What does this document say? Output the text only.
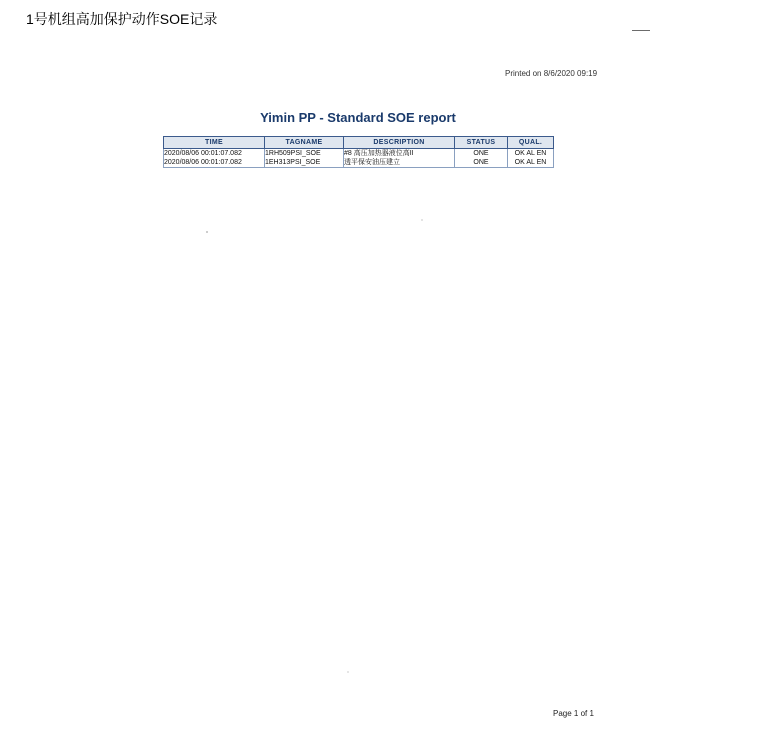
1号机组高加保护动作SOE记录
Printed on 8/6/2020 09:19
Yimin PP - Standard SOE report
TIME	TAGNAME	DESCRIPTION	STATUS	QUAL.
2020/08/06 00:01:07.082	1RH509PSI_SOE	#8 高压加热器液位高II	ONE	OK AL EN
2020/08/06 00:01:07.082	1EH313PSI_SOE	透平保安油压建立	ONE	OK AL EN
Page 1 of 1
